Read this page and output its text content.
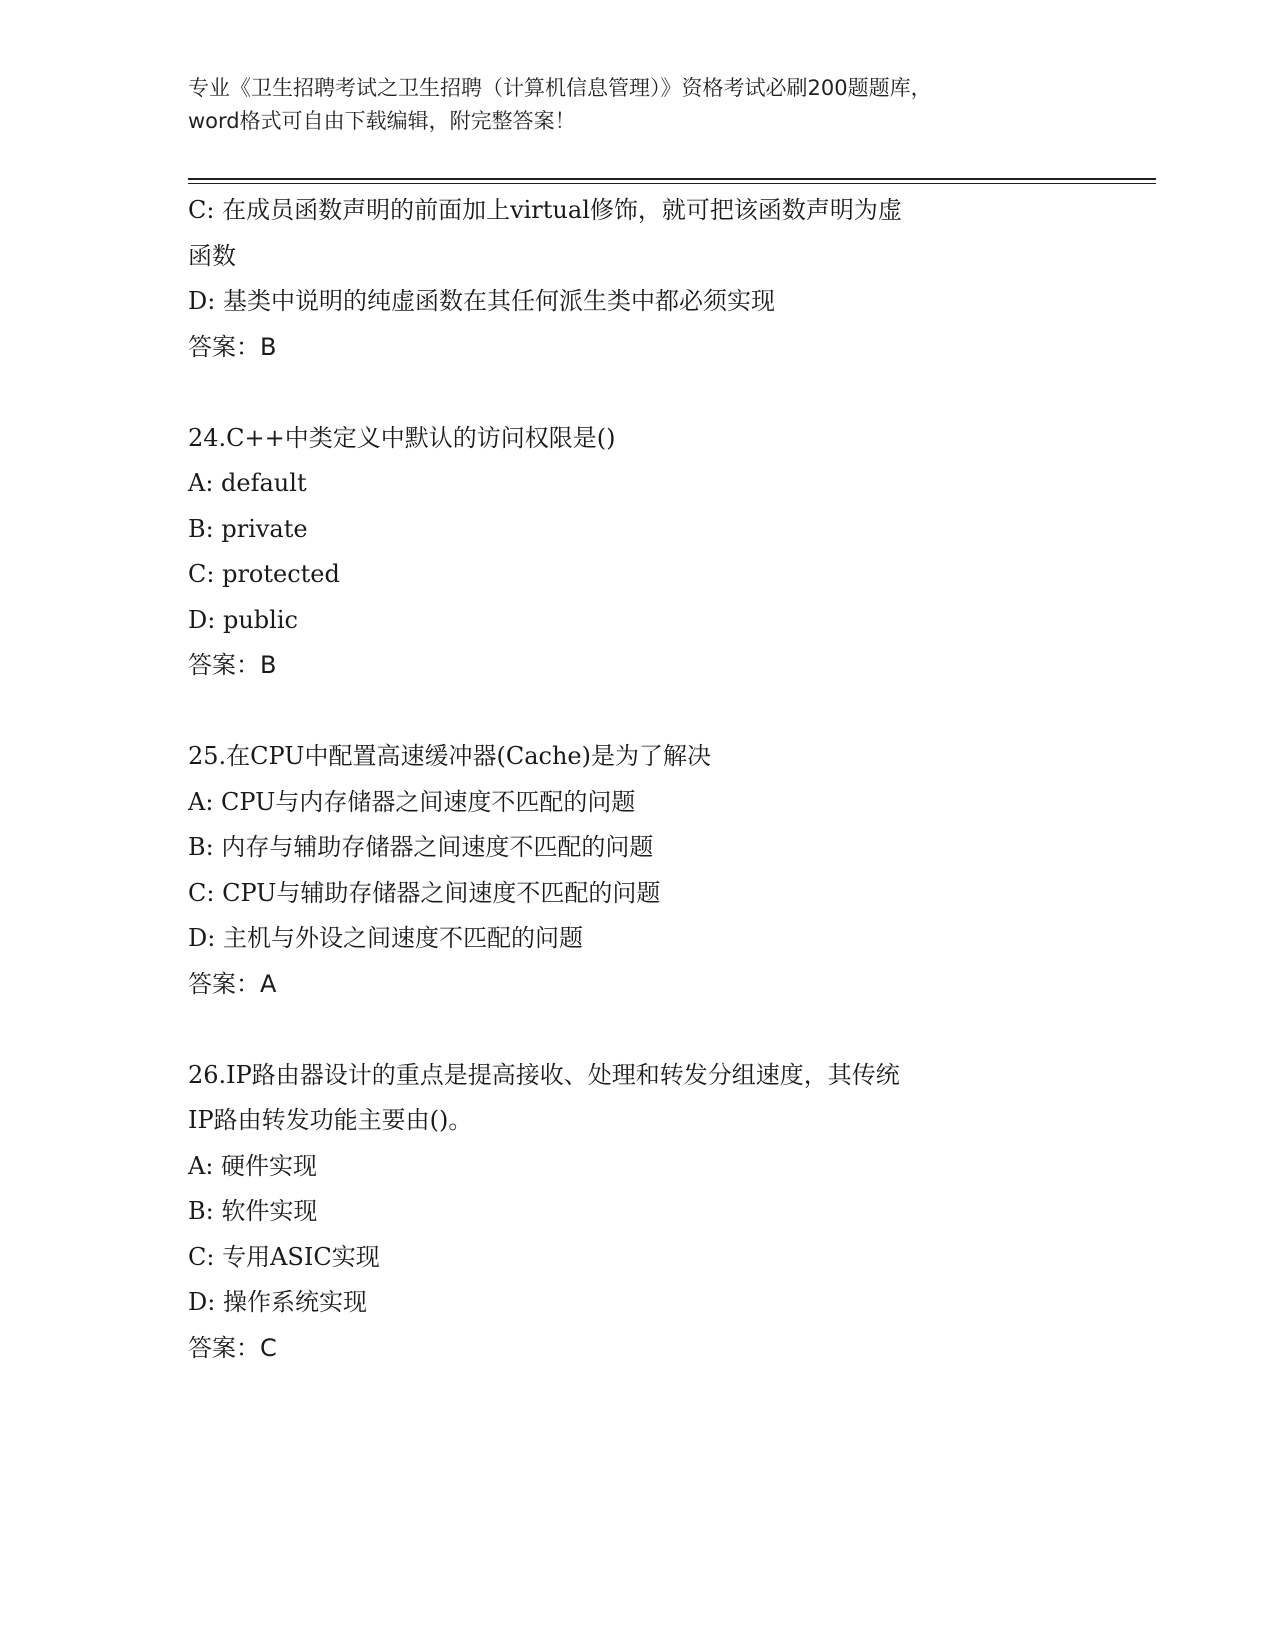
专业《卫生招聘考试之卫生招聘（计算机信息管理）》资格考试必刷200题题库，
word格式可自由下载编辑，附完整答案！
C: 在成员函数声明的前面加上virtual修饰，就可把该函数声明为虚
函数
D: 基类中说明的纯虚函数在其任何派生类中都必须实现
答案：B
24.C++中类定义中默认的访问权限是()
A: default
B: private
C: protected
D: public
答案：B
25.在CPU中配置高速缓冲器(Cache)是为了解决
A: CPU与内存储器之间速度不匹配的问题
B: 内存与辅助存储器之间速度不匹配的问题
C: CPU与辅助存储器之间速度不匹配的问题
D: 主机与外设之间速度不匹配的问题
答案：A
26.IP路由器设计的重点是提高接收、处理和转发分组速度，其传统
IP路由转发功能主要由()。
A: 硬件实现
B: 软件实现
C: 专用ASIC实现
D: 操作系统实现
答案：C
